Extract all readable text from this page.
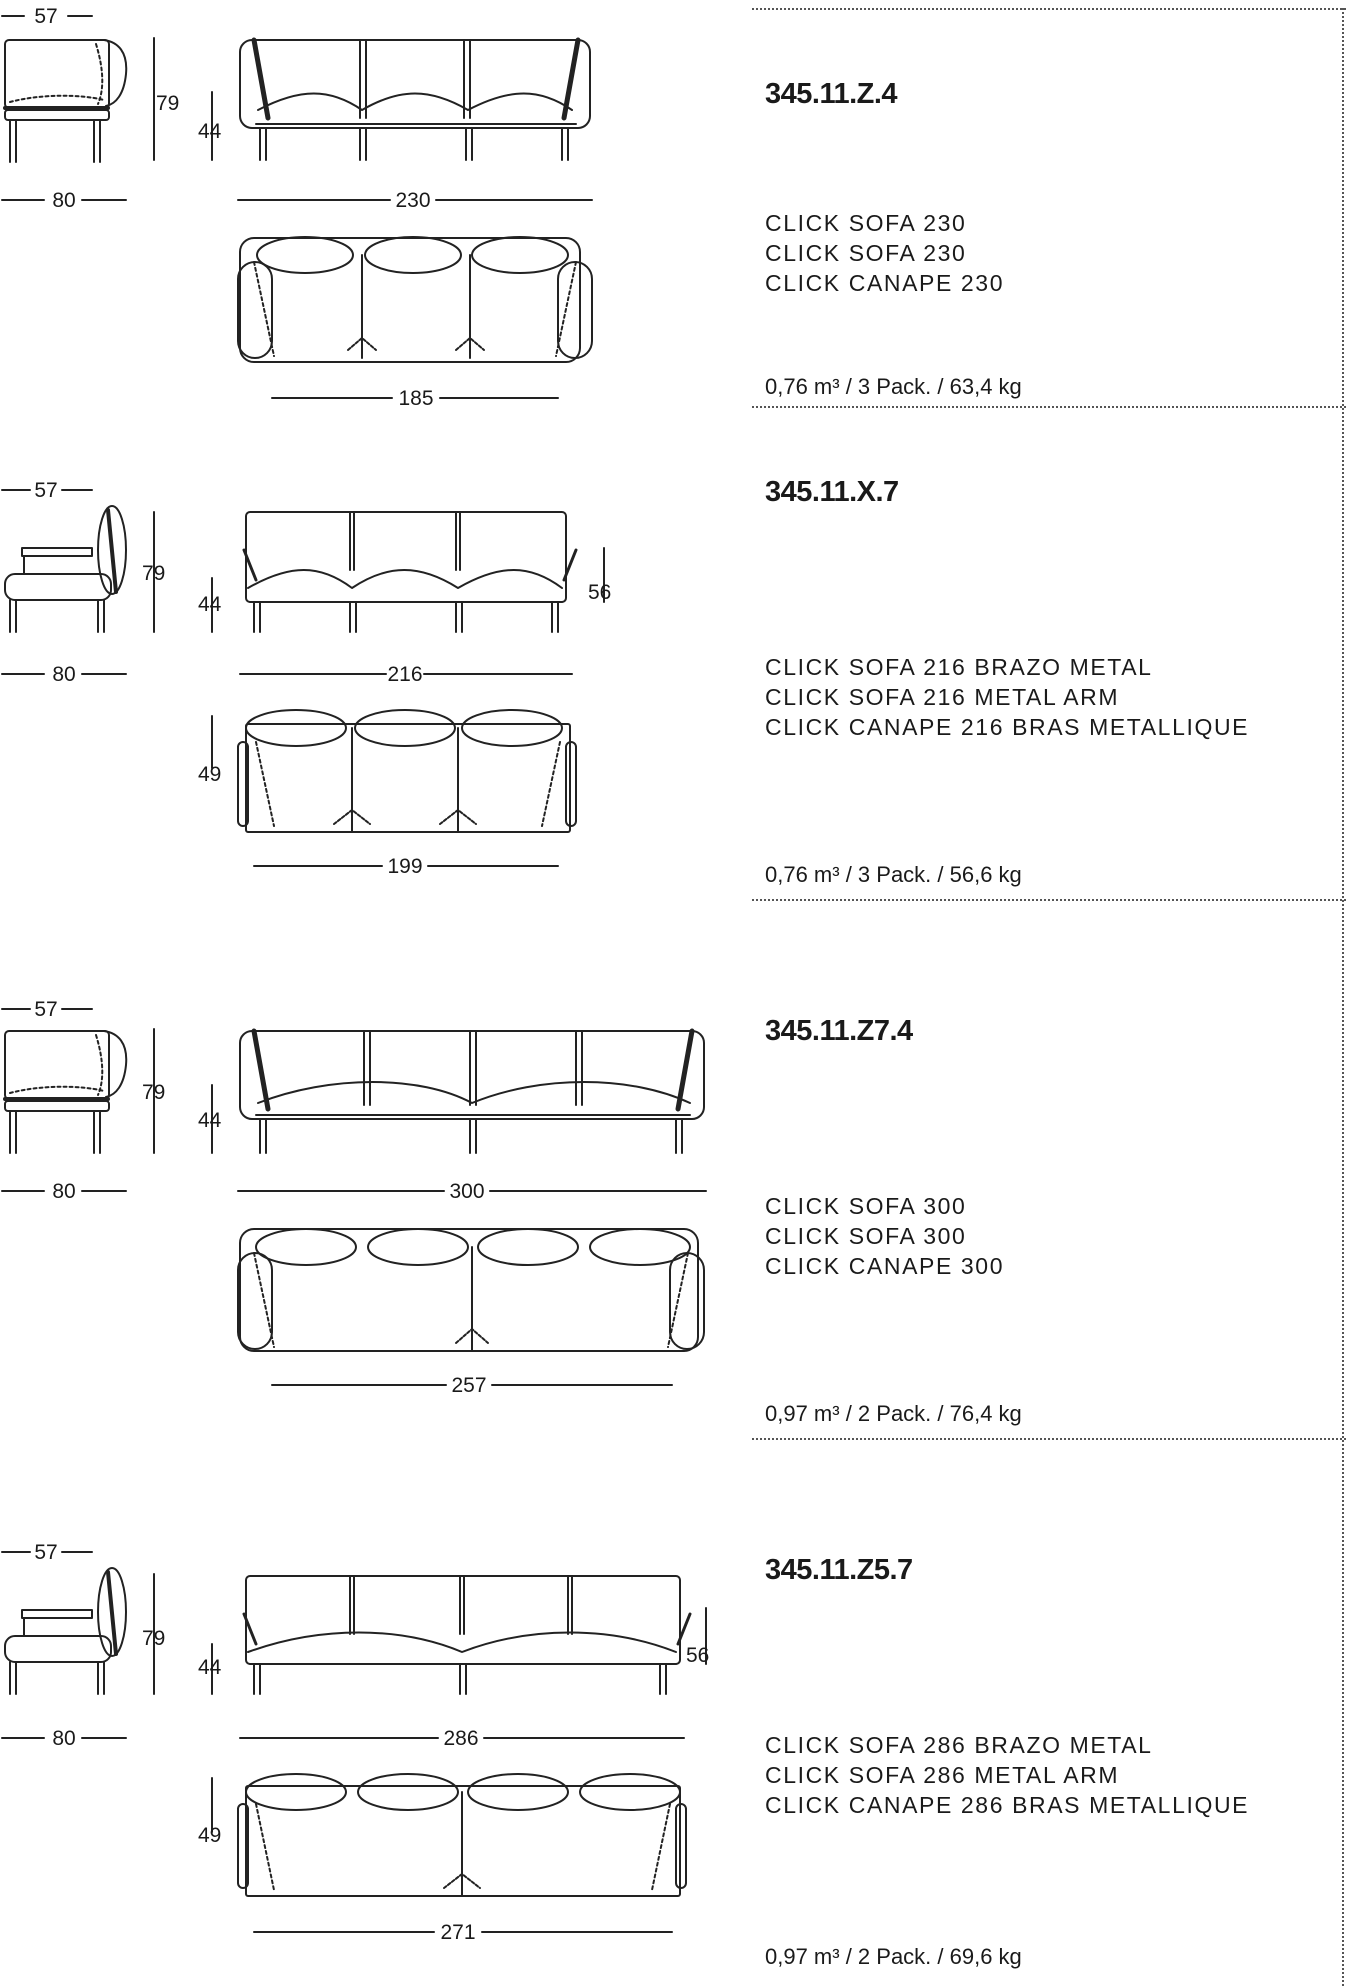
57
79
80
44
230
185
345.11.Z.4
CLICK SOFA 230
CLICK SOFA 230
CLICK CANAPE 230
0,76 m³ / 3 Pack. / 63,4 kg
57
79
80
44
56
216
49
199
345.11.X.7
CLICK SOFA 216 BRAZO METAL
CLICK SOFA 216 METAL ARM
CLICK CANAPE 216 BRAS METALLIQUE
0,76 m³ / 3 Pack. / 56,6 kg
57
79
80
44
300
257
345.11.Z7.4
CLICK SOFA 300
CLICK SOFA 300
CLICK CANAPE 300
0,97 m³ / 2 Pack. / 76,4 kg
57
79
80
44
56
286
49
271
345.11.Z5.7
CLICK SOFA 286 BRAZO METAL
CLICK SOFA 286 METAL ARM
CLICK CANAPE 286 BRAS METALLIQUE
0,97 m³ / 2 Pack. / 69,6 kg
